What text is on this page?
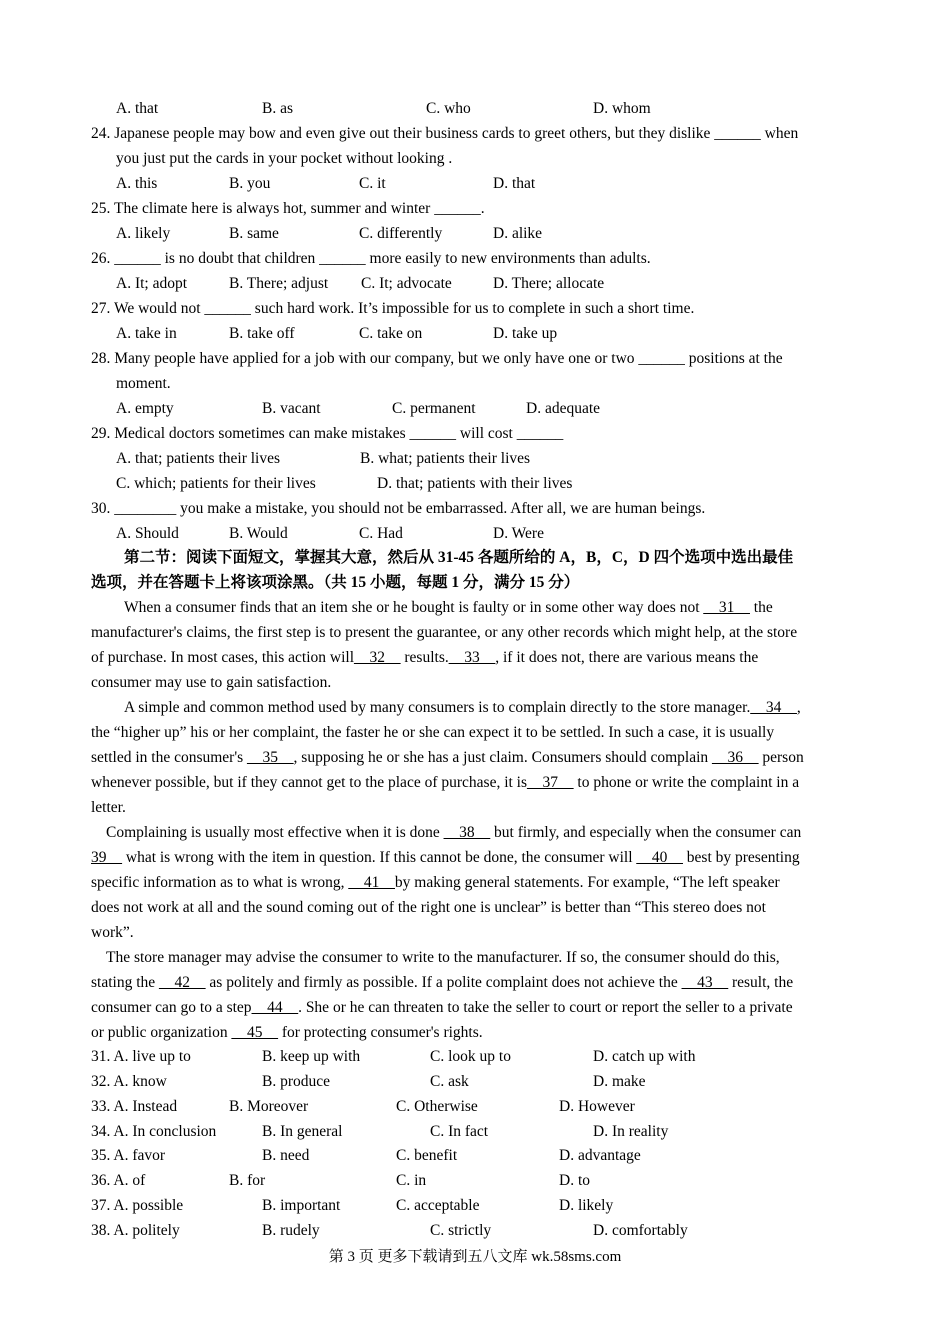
A. that	B. as	C. who	D. whom
24. Japanese people may bow and even give out their business cards to greet others, but they dislike ______ when
you just put the cards in your pocket without looking .
A. this	B. you	C. it	D. that
25. The climate here is always hot, summer and winter ______.
A. likely	B. same	C. differently	D. alike
26. ______ is no doubt that children ______ more easily to new environments than adults.
A. It; adopt	B. There; adjust C. It; advocate	D. There; allocate
27. We would not ______ such hard work. It’s impossible for us to complete in such a short time.
A. take in	B. take off	C. take on	D. take up
28. Many people have applied for a job with our company, but we only have one or two ______ positions at the
moment.
A. empty	B. vacant	C. permanent	D. adequate
29. Medical doctors sometimes can make mistakes ______ will cost ______
A. that; patients their lives	B. what; patients their lives
C. which; patients for their lives	D. that; patients with their lives
30. ________ you make a mistake, you should not be embarrassed. After all, we are human beings.
A. Should	B. Would	C. Had	D. Were
第二节：阅读下面短文，掌握其大意，然后从 31-45 各题所给的 A，B，C，D 四个选项中选出最佳
选项，并在答题卡上将该项涂黑。（共 15 小题，每题 1 分，满分 15 分）
When a consumer finds that an item she or he bought is faulty or in some other way does not __31__ the
manufacturer's claims, the first step is to present the guarantee, or any other records which might help, at the store
of purchase. In most cases, this action will__32__ results.__33__, if it does not, there are various means the
consumer may use to gain satisfaction.
A simple and common method used by many consumers is to complain directly to the store manager.__34__,
the “higher up” his or her complaint, the faster he or she can expect it to be settled. In such a case, it is usually
settled in the consumer's __35__, supposing he or she has a just claim. Consumers should complain __36__ person
whenever possible, but if they cannot get to the place of purchase, it is__37__ to phone or write the complaint in a
letter.
Complaining is usually most effective when it is done __38__ but firmly, and especially when the consumer can
39__ what is wrong with the item in question. If this cannot be done, the consumer will __40__ best by presenting
specific information as to what is wrong, __41__by making general statements. For example, “The left speaker
does not work at all and the sound coming out of the right one is unclear” is better than “This stereo does not
work”.
The store manager may advise the consumer to write to the manufacturer. If so, the consumer should do this,
stating the __42__ as politely and firmly as possible. If a polite complaint does not achieve the __43__ result, the
consumer can go to a step__44__. She or he can threaten to take the seller to court or report the seller to a private
or public organization __45__ for protecting consumer's rights.
31. A. live up to	B. keep up with	C. look up to	D. catch up with
32. A. know	B. produce	C. ask	D. make
33. A. Instead	B. Moreover	C. Otherwise	D. However
34. A. In conclusion	B. In general	C. In fact	D. In reality
35. A. favor	B. need	C. benefit	D. advantage
36. A. of	B. for	C. in	D. to
37. A. possible	B. important	C. acceptable	D. likely
38. A. politely	B. rudely	C. strictly	D. comfortably
第 3 页 更多下载请到五八文库 wk.58sms.com
